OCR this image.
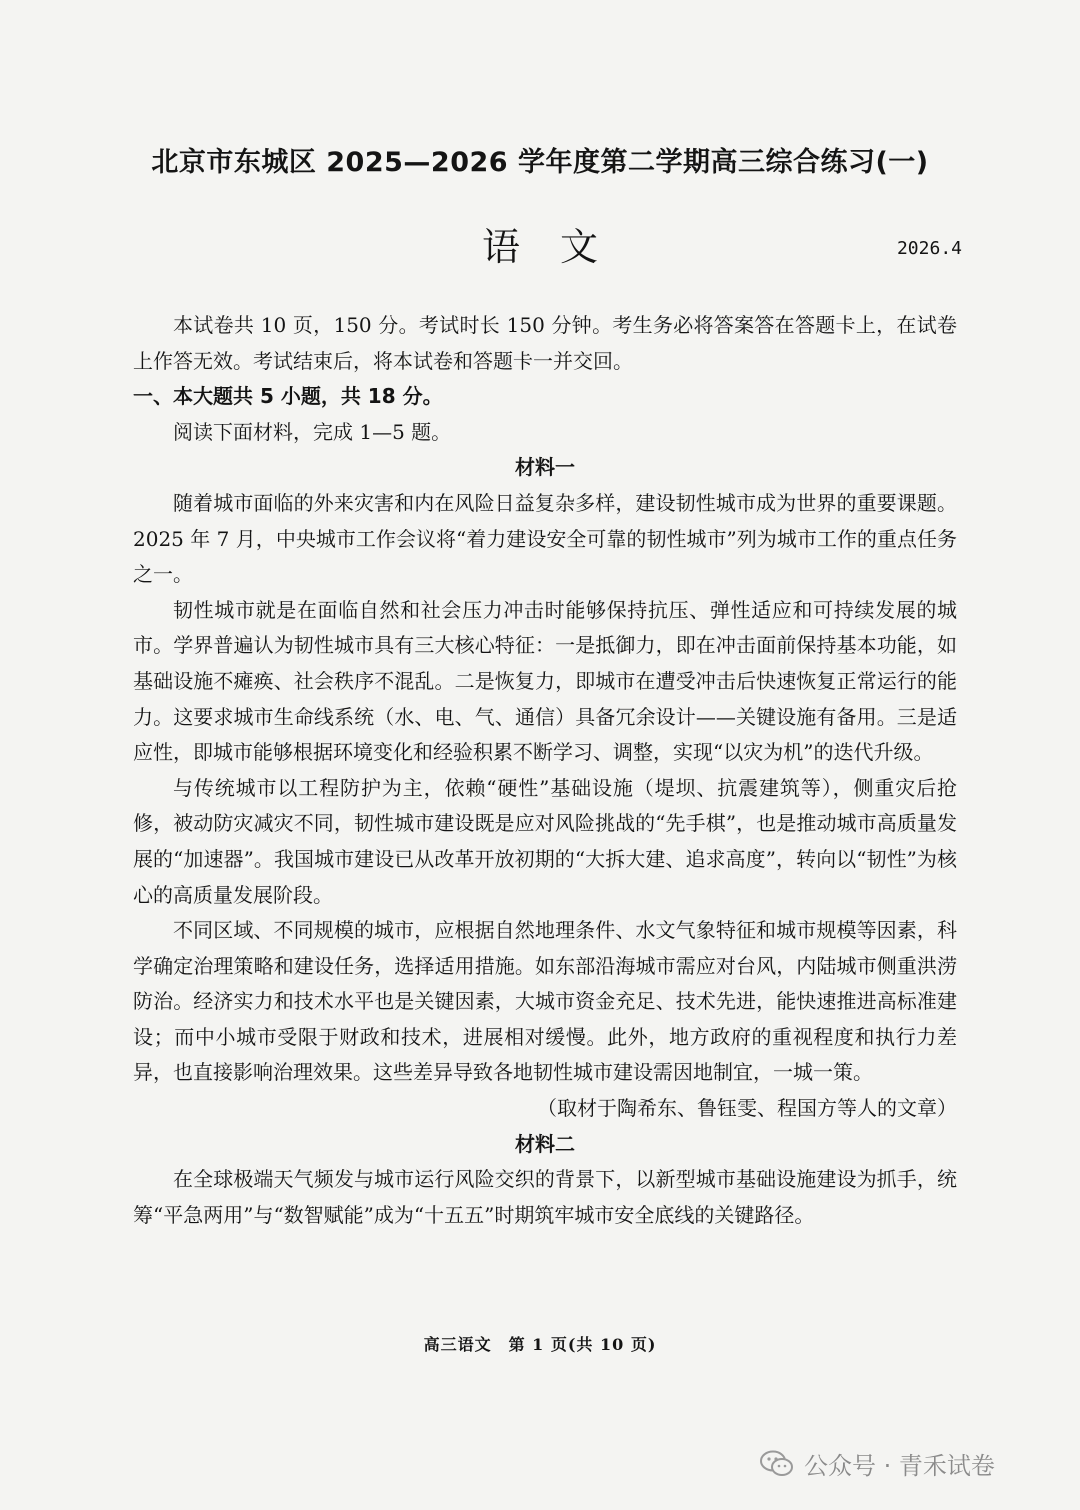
北京市东城区 2025—2026 学年度第二学期高三综合练习(一)
语文	2026.4

本试卷共 10 页，150 分。考试时长 150 分钟。考生务必将答案答在答题卡上，在试卷上作答无效。考试结束后，将本试卷和答题卡一并交回。

一、本大题共 5 小题，共 18 分。

阅读下面材料，完成 1—5 题。

材料一

随着城市面临的外来灾害和内在风险日益复杂多样，建设韧性城市成为世界的重要课题。2025 年 7 月，中央城市工作会议将“着力建设安全可靠的韧性城市”列为城市工作的重点任务之一。

韧性城市就是在面临自然和社会压力冲击时能够保持抗压、弹性适应和可持续发展的城市。学界普遍认为韧性城市具有三大核心特征：一是抵御力，即在冲击面前保持基本功能，如基础设施不瘫痪、社会秩序不混乱。二是恢复力，即城市在遭受冲击后快速恢复正常运行的能力。这要求城市生命线系统（水、电、气、通信）具备冗余设计——关键设施有备用。三是适应性，即城市能够根据环境变化和经验积累不断学习、调整，实现“以灾为机”的迭代升级。

与传统城市以工程防护为主，依赖“硬性”基础设施（堤坝、抗震建筑等），侧重灾后抢修，被动防灾减灾不同，韧性城市建设既是应对风险挑战的“先手棋”，也是推动城市高质量发展的“加速器”。我国城市建设已从改革开放初期的“大拆大建、追求高度”，转向以“韧性”为核心的高质量发展阶段。

不同区域、不同规模的城市，应根据自然地理条件、水文气象特征和城市规模等因素，科学确定治理策略和建设任务，选择适用措施。如东部沿海城市需应对台风，内陆城市侧重洪涝防治。经济实力和技术水平也是关键因素，大城市资金充足、技术先进，能快速推进高标准建设；而中小城市受限于财政和技术，进展相对缓慢。此外，地方政府的重视程度和执行力差异，也直接影响治理效果。这些差异导致各地韧性城市建设需因地制宜，一城一策。

（取材于陶希东、鲁钰雯、程国方等人的文章）

材料二

在全球极端天气频发与城市运行风险交织的背景下，以新型城市基础设施建设为抓手，统筹“平急两用”与“数智赋能”成为“十五五”时期筑牢城市安全底线的关键路径。

高三语文　第 1 页(共 10 页)
公众号 · 青禾试卷
